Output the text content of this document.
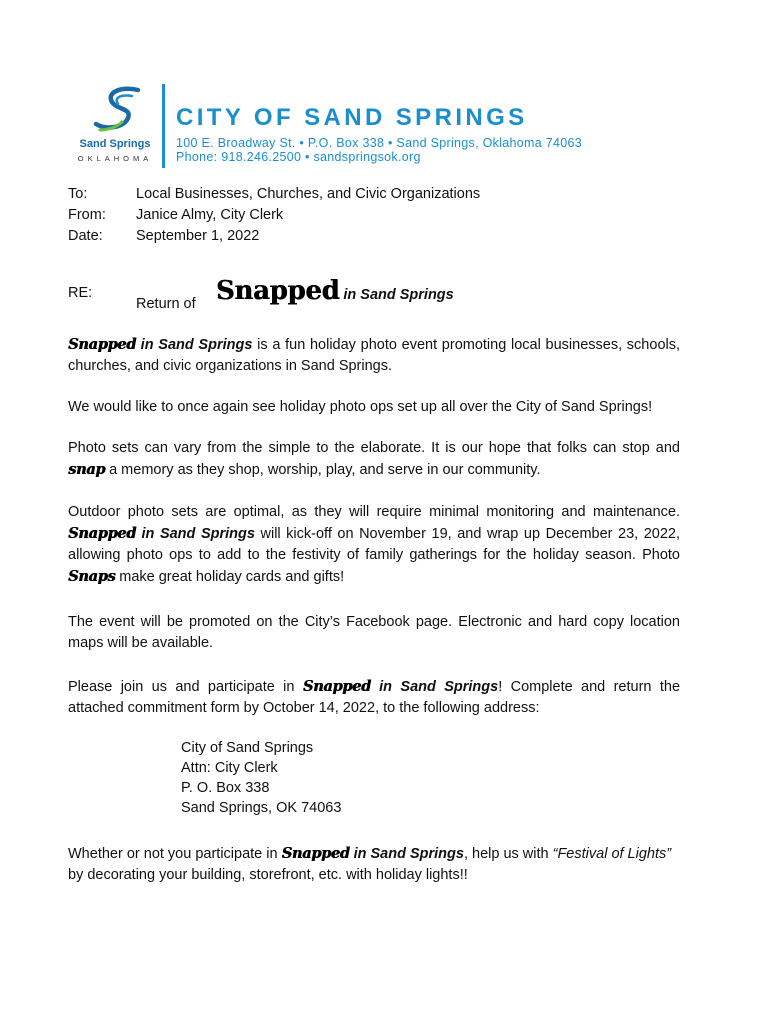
Sand Springs
OKLAHOMA
CITY OF SAND SPRINGS
100 E. Broadway St. • P.O. Box 338 • Sand Springs, Oklahoma 74063
Phone: 918.246.2500 • sandspringsok.org
To:	Local Businesses, Churches, and Civic Organizations
From: Janice Almy, City Clerk
Date: September 1, 2022
RE:
Return of Snapped in Sand Springs

Snapped in Sand Springs is a fun holiday photo event promoting local businesses, schools, churches, and civic organizations in Sand Springs.

We would like to once again see holiday photo ops set up all over the City of Sand Springs!

Photo sets can vary from the simple to the elaborate. It is our hope that folks can stop and snap a memory as they shop, worship, play, and serve in our community.

Outdoor photo sets are optimal, as they will require minimal monitoring and maintenance. Snapped in Sand Springs will kick-off on November 19, and wrap up December 23, 2022, allowing photo ops to add to the festivity of family gatherings for the holiday season. Photo Snaps make great holiday cards and gifts!

The event will be promoted on the City’s Facebook page. Electronic and hard copy location maps will be available.

Please join us and participate in Snapped in Sand Springs! Complete and return the attached commitment form by October 14, 2022, to the following address:

City of Sand Springs
Attn: City Clerk
P. O. Box 338
Sand Springs, OK 74063

Whether or not you participate in Snapped in Sand Springs, help us with “Festival of Lights” by decorating your building, storefront, etc. with holiday lights!!
